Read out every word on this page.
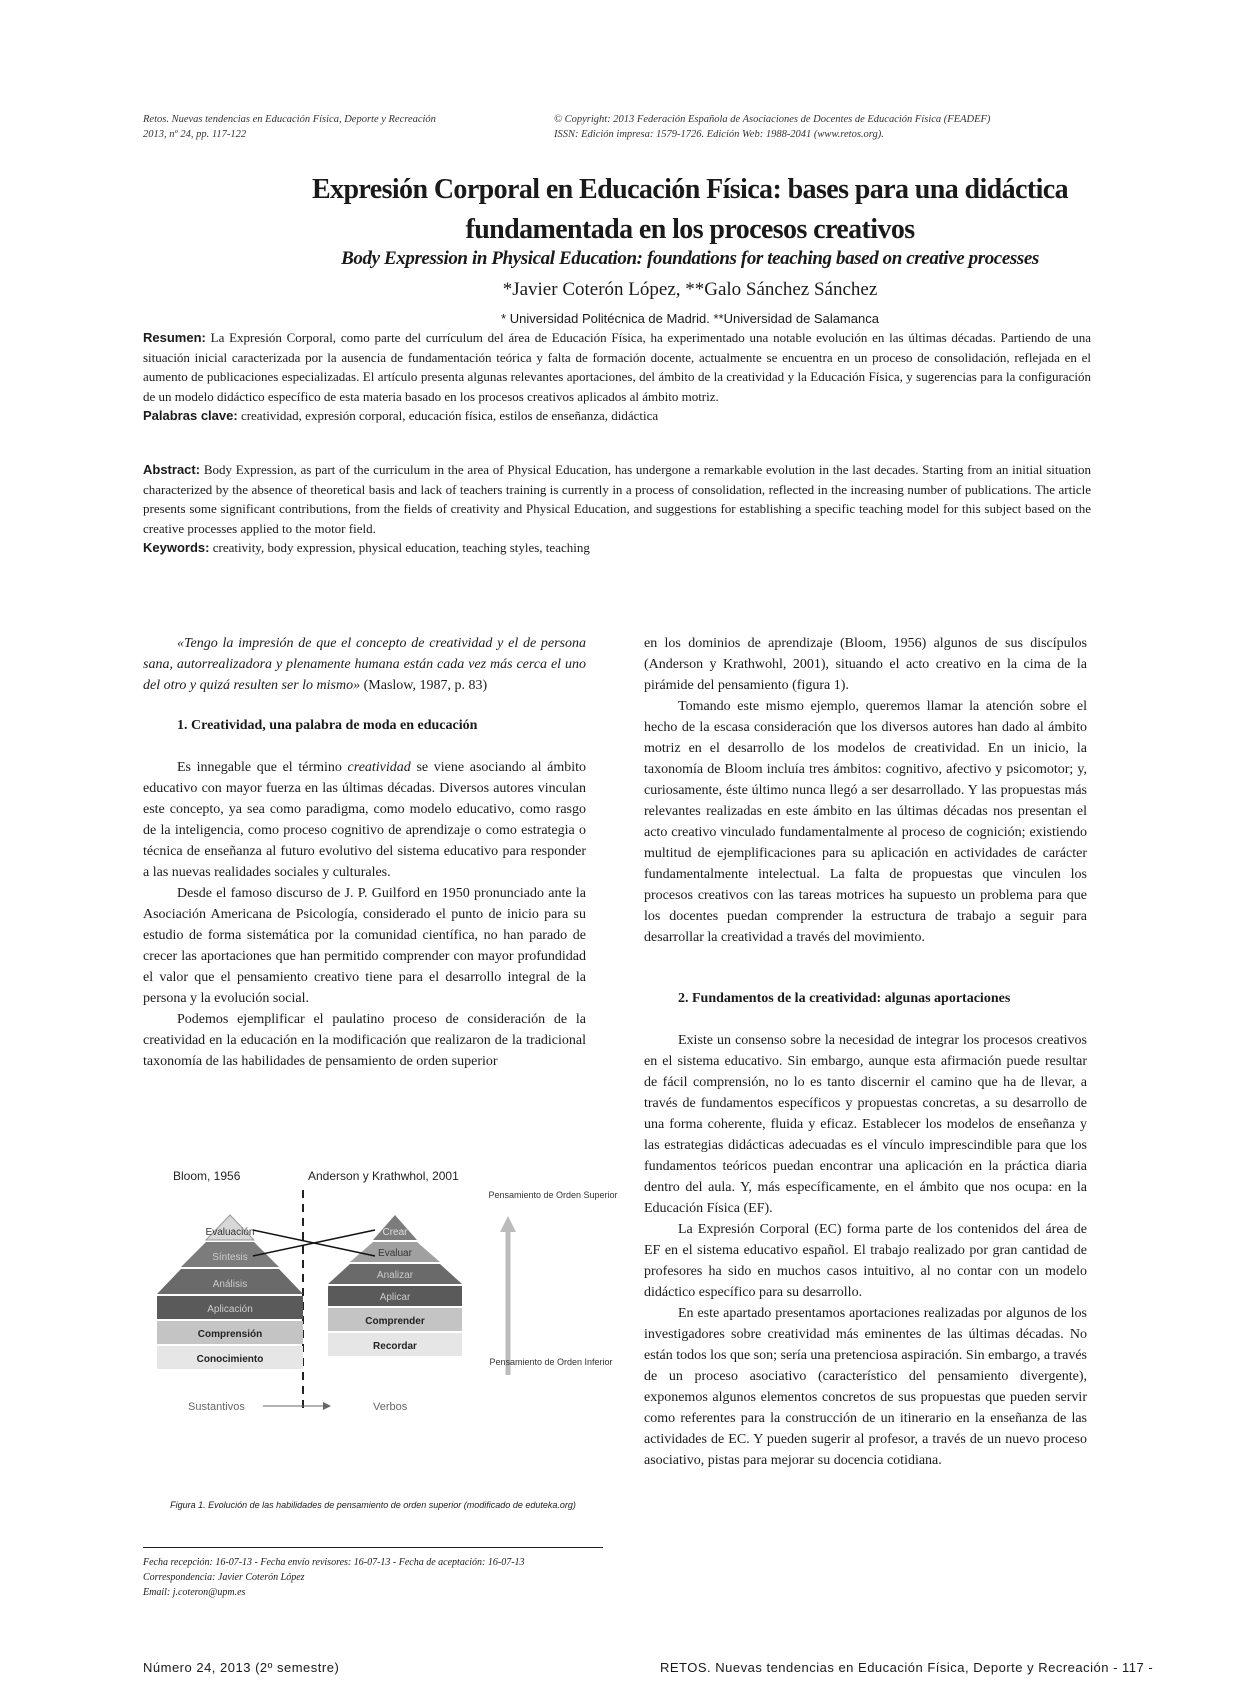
Retos. Nuevas tendencias en Educación Física, Deporte y Recreación
2013, nº 24, pp. 117-122
© Copyright: 2013 Federación Española de Asociaciones de Docentes de Educación Física (FEADEF)
ISSN: Edición impresa: 1579-1726. Edición Web: 1988-2041 (www.retos.org).
Expresión Corporal en Educación Física: bases para una didáctica
fundamentada en los procesos creativos
Body Expression in Physical Education: foundations for teaching based on creative processes
*Javier Coterón López, **Galo Sánchez Sánchez
* Universidad Politécnica de Madrid. **Universidad de Salamanca
Resumen: La Expresión Corporal, como parte del currículum del área de Educación Física, ha experimentado una notable evolución en las últimas décadas. Partiendo de una situación inicial caracterizada por la ausencia de fundamentación teórica y falta de formación docente, actualmente se encuentra en un proceso de consolidación, reflejada en el aumento de publicaciones especializadas. El artículo presenta algunas relevantes aportaciones, del ámbito de la creatividad y la Educación Física, y sugerencias para la configuración de un modelo didáctico específico de esta materia basado en los procesos creativos aplicados al ámbito motriz.
Palabras clave: creatividad, expresión corporal, educación física, estilos de enseñanza, didáctica
Abstract: Body Expression, as part of the curriculum in the area of Physical Education, has undergone a remarkable evolution in the last decades. Starting from an initial situation characterized by the absence of theoretical basis and lack of teachers training is currently in a process of consolidation, reflected in the increasing number of publications. The article presents some significant contributions, from the fields of creativity and Physical Education, and suggestions for establishing a specific teaching model for this subject based on the creative processes applied to the motor field.
Keywords: creativity, body expression, physical education, teaching styles, teaching

«Tengo la impresión de que el concepto de creatividad y el de persona sana, autorrealizadora y plenamente humana están cada vez más cerca el uno del otro y quizá resulten ser lo mismo» (Maslow, 1987, p. 83)

1. Creatividad, una palabra de moda en educación

Es innegable que el término creatividad se viene asociando al ámbito educativo con mayor fuerza en las últimas décadas. Diversos autores vinculan este concepto, ya sea como paradigma, como modelo educativo, como rasgo de la inteligencia, como proceso cognitivo de aprendizaje o como estrategia o técnica de enseñanza al futuro evolutivo del sistema educativo para responder a las nuevas realidades sociales y culturales.

Desde el famoso discurso de J. P. Guilford en 1950 pronunciado ante la Asociación Americana de Psicología, considerado el punto de inicio para su estudio de forma sistemática por la comunidad científica, no han parado de crecer las aportaciones que han permitido comprender con mayor profundidad el valor que el pensamiento creativo tiene para el desarrollo integral de la persona y la evolución social.

Podemos ejemplificar el paulatino proceso de consideración de la creatividad en la educación en la modificación que realizaron de la tradicional taxonomía de las habilidades de pensamiento de orden superior

Bloom, 1956	Anderson y Krathwhol, 2001
Evaluación
Síntesis
Análisis
Aplicación
Comprensión
Conocimiento
Crear
Evaluar
Analizar
Aplicar
Comprender
Recordar
Pensamiento de Orden Superior
Pensamiento de Orden Inferior
Sustantivos	Verbos
Figura 1. Evolución de las habilidades de pensamiento de orden superior (modificado de eduteka.org)
Fecha recepción: 16-07-13 - Fecha envío revisores: 16-07-13 - Fecha de aceptación: 16-07-13
Correspondencia: Javier Coterón López
Email: j.coteron@upm.es

en los dominios de aprendizaje (Bloom, 1956) algunos de sus discípulos (Anderson y Krathwohl, 2001), situando el acto creativo en la cima de la pirámide del pensamiento (figura 1).

Tomando este mismo ejemplo, queremos llamar la atención sobre el hecho de la escasa consideración que los diversos autores han dado al ámbito motriz en el desarrollo de los modelos de creatividad. En un inicio, la taxonomía de Bloom incluía tres ámbitos: cognitivo, afectivo y psicomotor; y, curiosamente, éste último nunca llegó a ser desarrollado. Y las propuestas más relevantes realizadas en este ámbito en las últimas décadas nos presentan el acto creativo vinculado fundamentalmente al proceso de cognición; existiendo multitud de ejemplificaciones para su aplicación en actividades de carácter fundamentalmente intelectual. La falta de propuestas que vinculen los procesos creativos con las tareas motrices ha supuesto un problema para que los docentes puedan comprender la estructura de trabajo a seguir para desarrollar la creatividad a través del movimiento.

2. Fundamentos de la creatividad: algunas aportaciones

Existe un consenso sobre la necesidad de integrar los procesos creativos en el sistema educativo. Sin embargo, aunque esta afirmación puede resultar de fácil comprensión, no lo es tanto discernir el camino que ha de llevar, a través de fundamentos específicos y propuestas concretas, a su desarrollo de una forma coherente, fluida y eficaz. Establecer los modelos de enseñanza y las estrategias didácticas adecuadas es el vínculo imprescindible para que los fundamentos teóricos puedan encontrar una aplicación en la práctica diaria dentro del aula. Y, más específicamente, en el ámbito que nos ocupa: en la Educación Física (EF).

La Expresión Corporal (EC) forma parte de los contenidos del área de EF en el sistema educativo español. El trabajo realizado por gran cantidad de profesores ha sido en muchos casos intuitivo, al no contar con un modelo didáctico específico para su desarrollo.

En este apartado presentamos aportaciones realizadas por algunos de los investigadores sobre creatividad más eminentes de las últimas décadas. No están todos los que son; sería una pretenciosa aspiración. Sin embargo, a través de un proceso asociativo (característico del pensamiento divergente), exponemos algunos elementos concretos de sus propuestas que pueden servir como referentes para la construcción de un itinerario en la enseñanza de las actividades de EC. Y pueden sugerir al profesor, a través de un nuevo proceso asociativo, pistas para mejorar su docencia cotidiana.

Número 24, 2013 (2º semestre)	RETOS. Nuevas tendencias en Educación Física, Deporte y Recreación - 117 -
